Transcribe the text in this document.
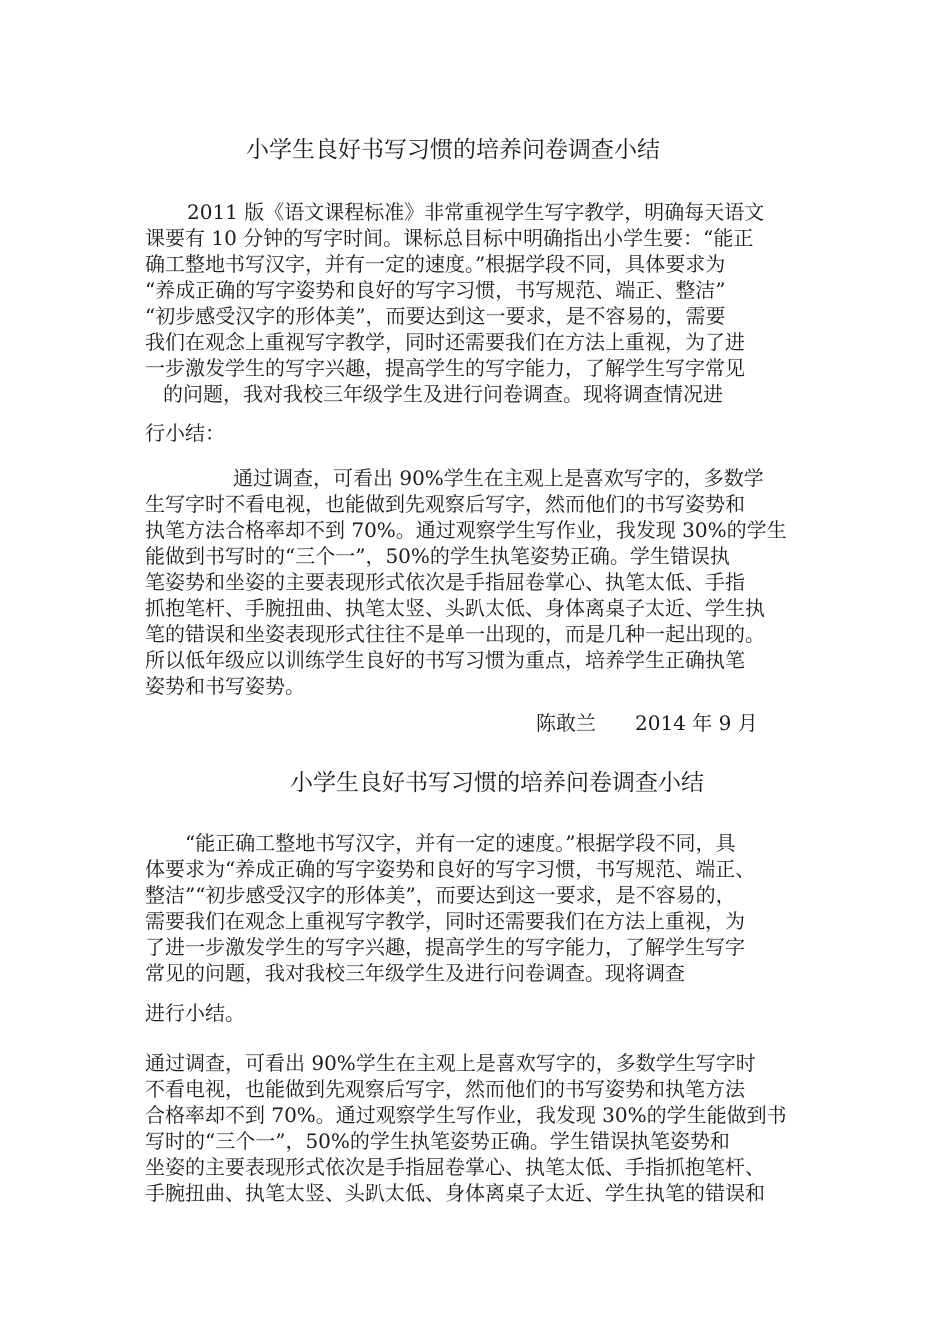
小学生良好书写习惯的培养问卷调查小结
2011 版《语文课程标准》非常重视学生写字教学，明确每天语文
课要有 10 分钟的写字时间。课标总目标中明确指出小学生要：“能正
确工整地书写汉字，并有一定的速度。”根据学段不同，具体要求为
“养成正确的写字姿势和良好的写字习惯，书写规范、端正、整洁”
“初步感受汉字的形体美”，而要达到这一要求，是不容易的，需要
我们在观念上重视写字教学，同时还需要我们在方法上重视，为了进
一步激发学生的写字兴趣，提高学生的写字能力，了解学生写字常见
的问题，我对我校三年级学生及进行问卷调查。现将调查情况进
行小结：
通过调查，可看出 90%学生在主观上是喜欢写字的，多数学
生写字时不看电视，也能做到先观察后写字，然而他们的书写姿势和
执笔方法合格率却不到 70%。通过观察学生写作业，我发现 30%的学生
能做到书写时的“三个一”，50%的学生执笔姿势正确。学生错误执
笔姿势和坐姿的主要表现形式依次是手指屈卷掌心、执笔太低、手指
抓抱笔杆、手腕扭曲、执笔太竖、头趴太低、身体离桌子太近、学生执
笔的错误和坐姿表现形式往往不是单一出现的，而是几种一起出现的。
所以低年级应以训练学生良好的书写习惯为重点，培养学生正确执笔
姿势和书写姿势。
陈敢兰 2014 年 9 月
小学生良好书写习惯的培养问卷调查小结
“能正确工整地书写汉字，并有一定的速度。”根据学段不同，具
体要求为“养成正确的写字姿势和良好的写字习惯，书写规范、端正、
整洁”“初步感受汉字的形体美”，而要达到这一要求，是不容易的，
需要我们在观念上重视写字教学，同时还需要我们在方法上重视，为
了进一步激发学生的写字兴趣，提高学生的写字能力，了解学生写字
常见的问题，我对我校三年级学生及进行问卷调查。现将调查
进行小结。
通过调查，可看出 90%学生在主观上是喜欢写字的，多数学生写字时
不看电视，也能做到先观察后写字，然而他们的书写姿势和执笔方法
合格率却不到 70%。通过观察学生写作业，我发现 30%的学生能做到书
写时的“三个一”，50%的学生执笔姿势正确。学生错误执笔姿势和
坐姿的主要表现形式依次是手指屈卷掌心、执笔太低、手指抓抱笔杆、
手腕扭曲、执笔太竖、头趴太低、身体离桌子太近、学生执笔的错误和
